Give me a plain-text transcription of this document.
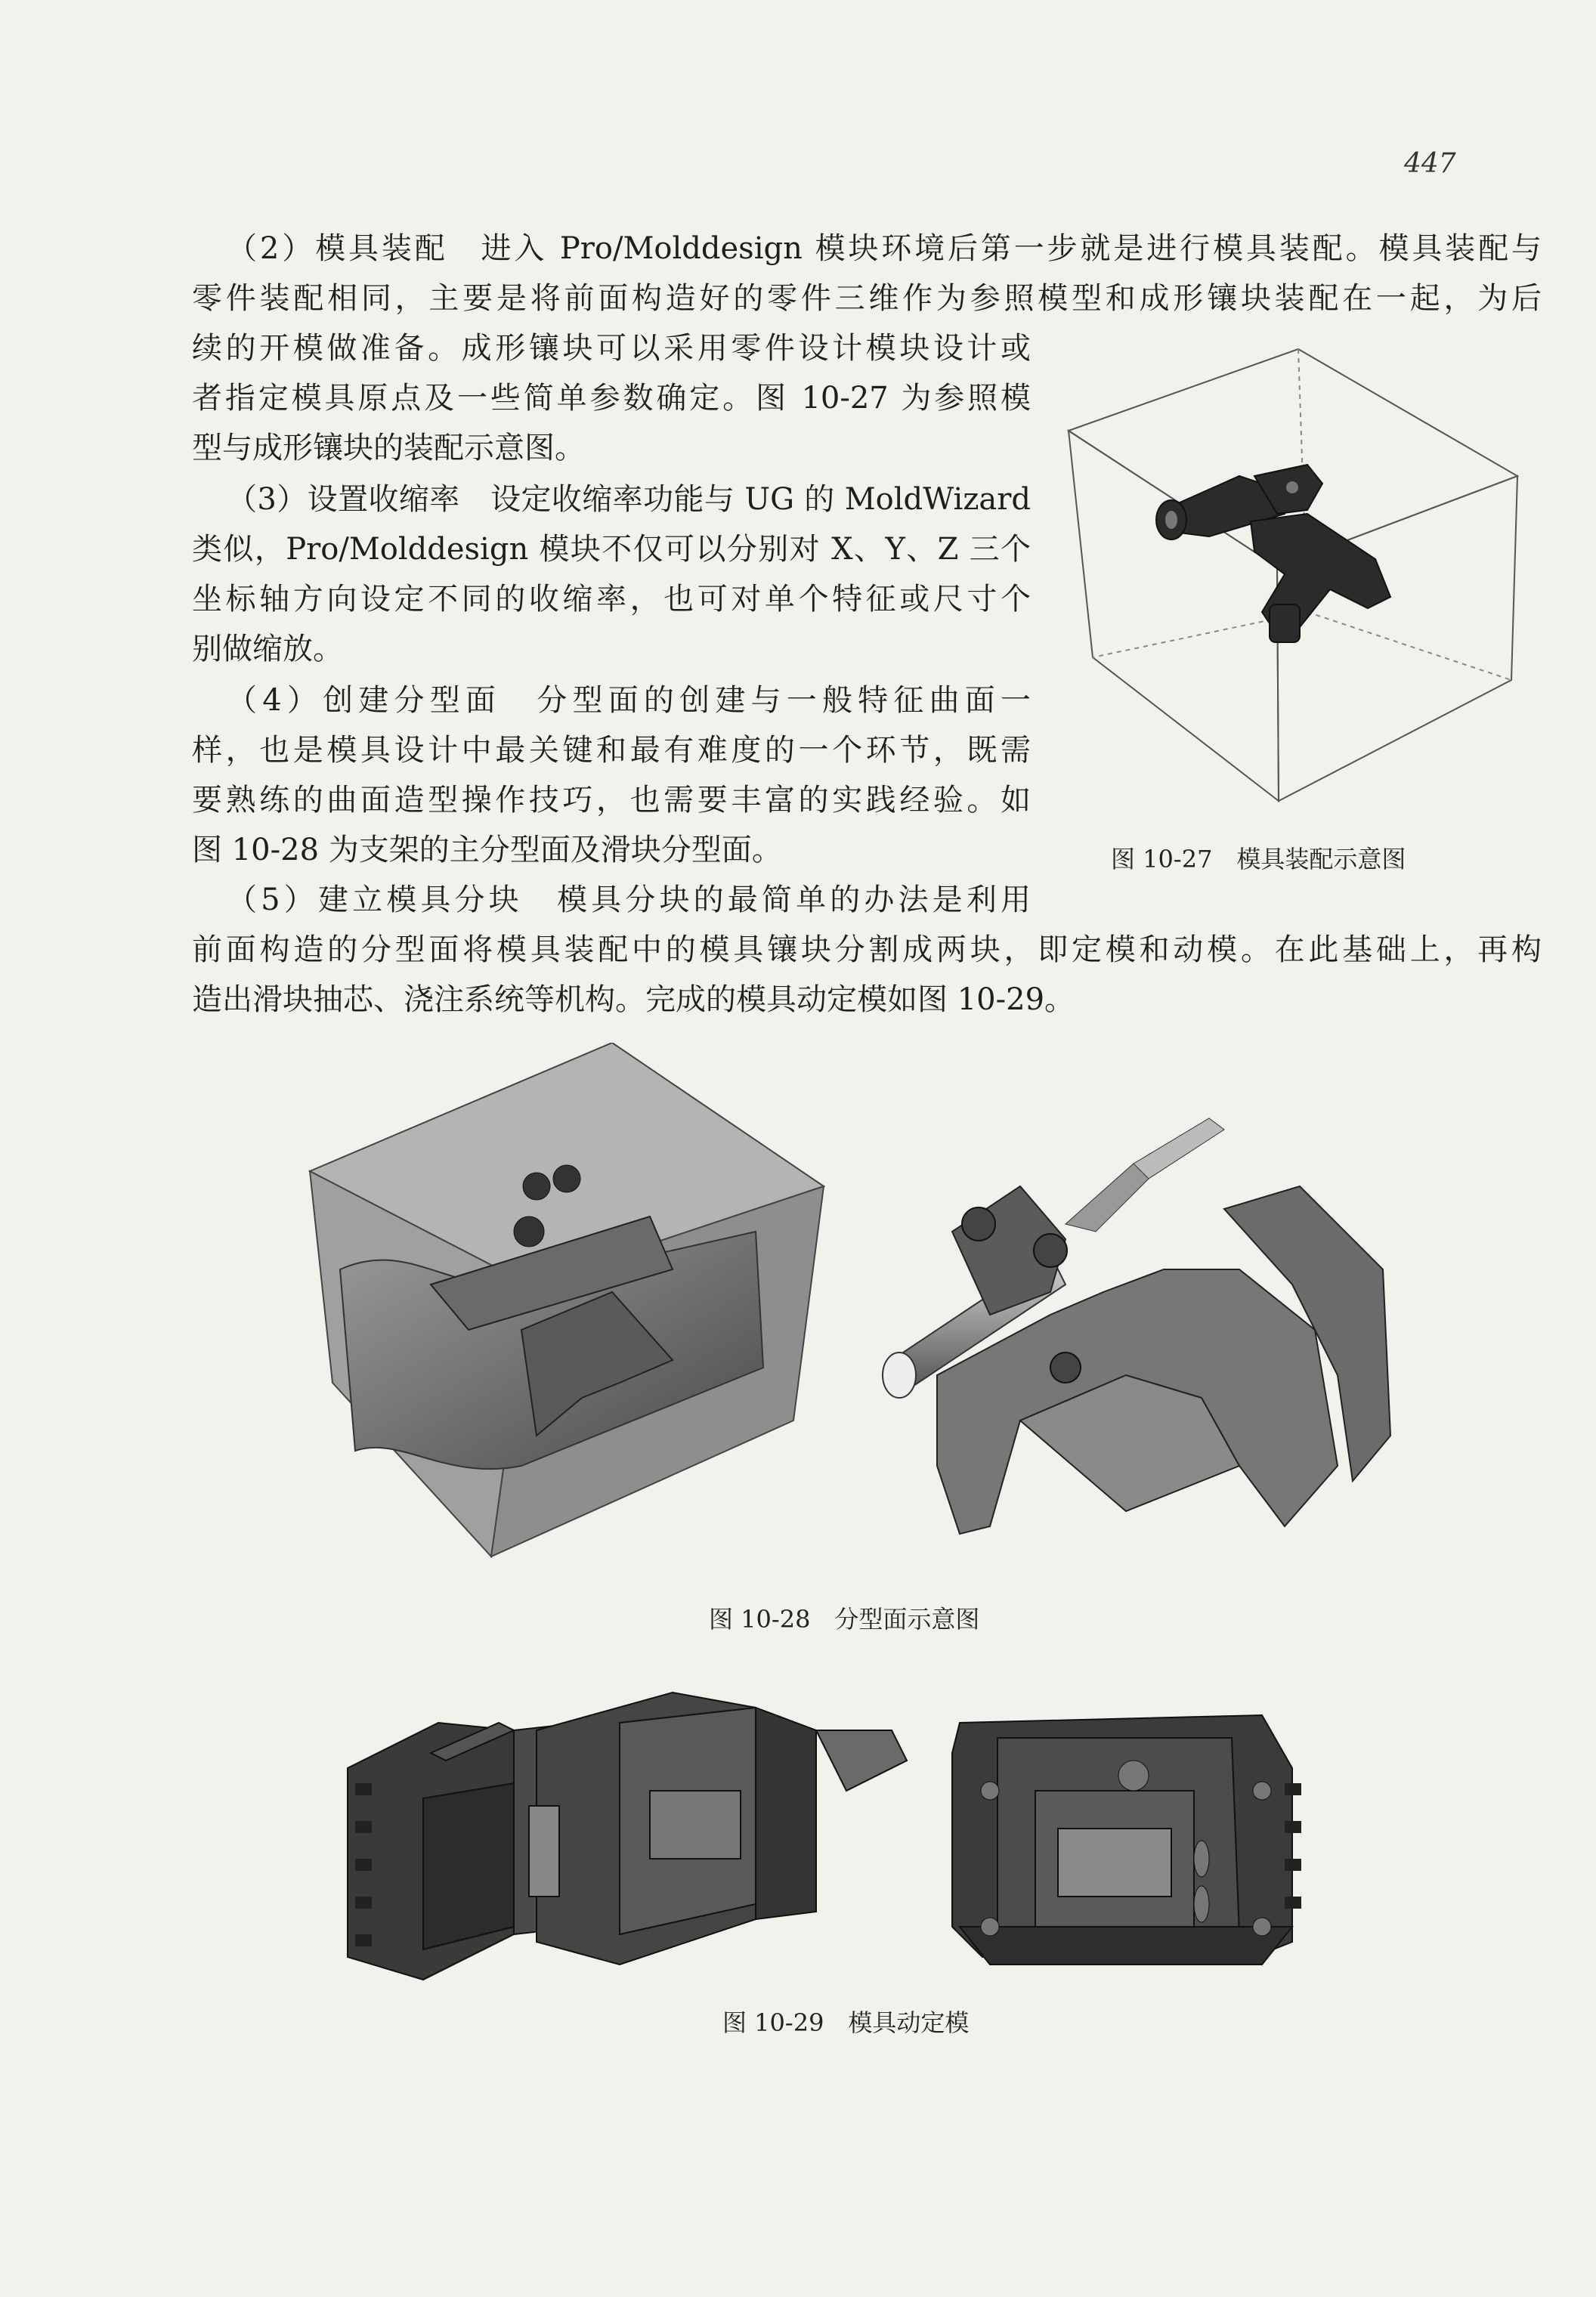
447

（2）模具装配　进入 Pro/Molddesign 模块环境后第一步就是进行模具装配。模具装配与

零件装配相同，主要是将前面构造好的零件三维作为参照模型和成形镶块装配在一起，为后

续的开模做准备。成形镶块可以采用零件设计模块设计或

者指定模具原点及一些简单参数确定。图 10-27 为参照模

型与成形镶块的装配示意图。

（3）设置收缩率　设定收缩率功能与 UG 的 MoldWizard

类似，Pro/Molddesign 模块不仅可以分别对 X、Y、Z 三个

坐标轴方向设定不同的收缩率，也可对单个特征或尺寸个

别做缩放。

（4）创建分型面　分型面的创建与一般特征曲面一

样，也是模具设计中最关键和最有难度的一个环节，既需

要熟练的曲面造型操作技巧，也需要丰富的实践经验。如

图 10-28 为支架的主分型面及滑块分型面。

（5）建立模具分块　模具分块的最简单的办法是利用

前面构造的分型面将模具装配中的模具镶块分割成两块，即定模和动模。在此基础上，再构

造出滑块抽芯、浇注系统等机构。完成的模具动定模如图 10-29。

图 10-27　模具装配示意图
图 10-28　分型面示意图
图 10-29　模具动定模
